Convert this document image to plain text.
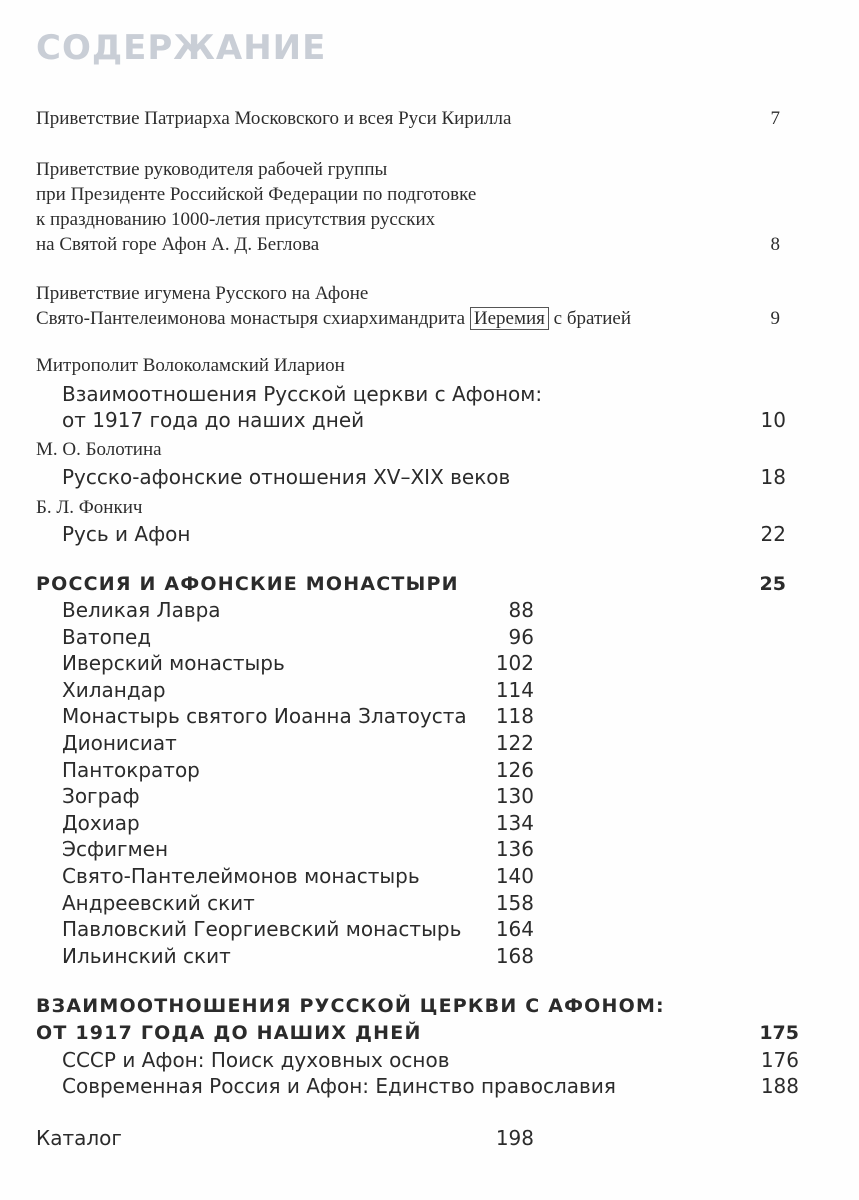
СОДЕРЖАНИЕ
Приветствие Патриарха Московского и всея Руси Кирилла	7
Приветствие руководителя рабочей группы
при Президенте Российской Федерации по подготовке
к празднованию 1000-летия присутствия русских
на Святой горе Афон А. Д. Беглова	8
Приветствие игумена Русского на Афоне
Свято-Пантелеимонова монастыря схиархимандрита Иеремия с братией	9
Митрополит Волоколамский Иларион
Взаимоотношения Русской церкви с Афоном:
от 1917 года до наших дней	10
М. О. Болотина
Русско-афонские отношения XV–XIX веков	18
Б. Л. Фонкич
Русь и Афон	22
РОССИЯ И АФОНСКИЕ МОНАСТЫРИ	25
Великая Лавра	88
Ватопед	96
Иверский монастырь	102
Хиландар	114
Монастырь святого Иоанна Златоуста	118
Дионисиат	122
Пантократор	126
Зограф	130
Дохиар	134
Эсфигмен	136
Свято-Пантелеймонов монастырь	140
Андреевский скит	158
Павловский Георгиевский монастырь	164
Ильинский скит	168
ВЗАИМООТНОШЕНИЯ РУССКОЙ ЦЕРКВИ С АФОНОМ:
ОТ 1917 ГОДА ДО НАШИХ ДНЕЙ	175
СССР и Афон: Поиск духовных основ	176
Современная Россия и Афон: Единство православия	188
Каталог	198
